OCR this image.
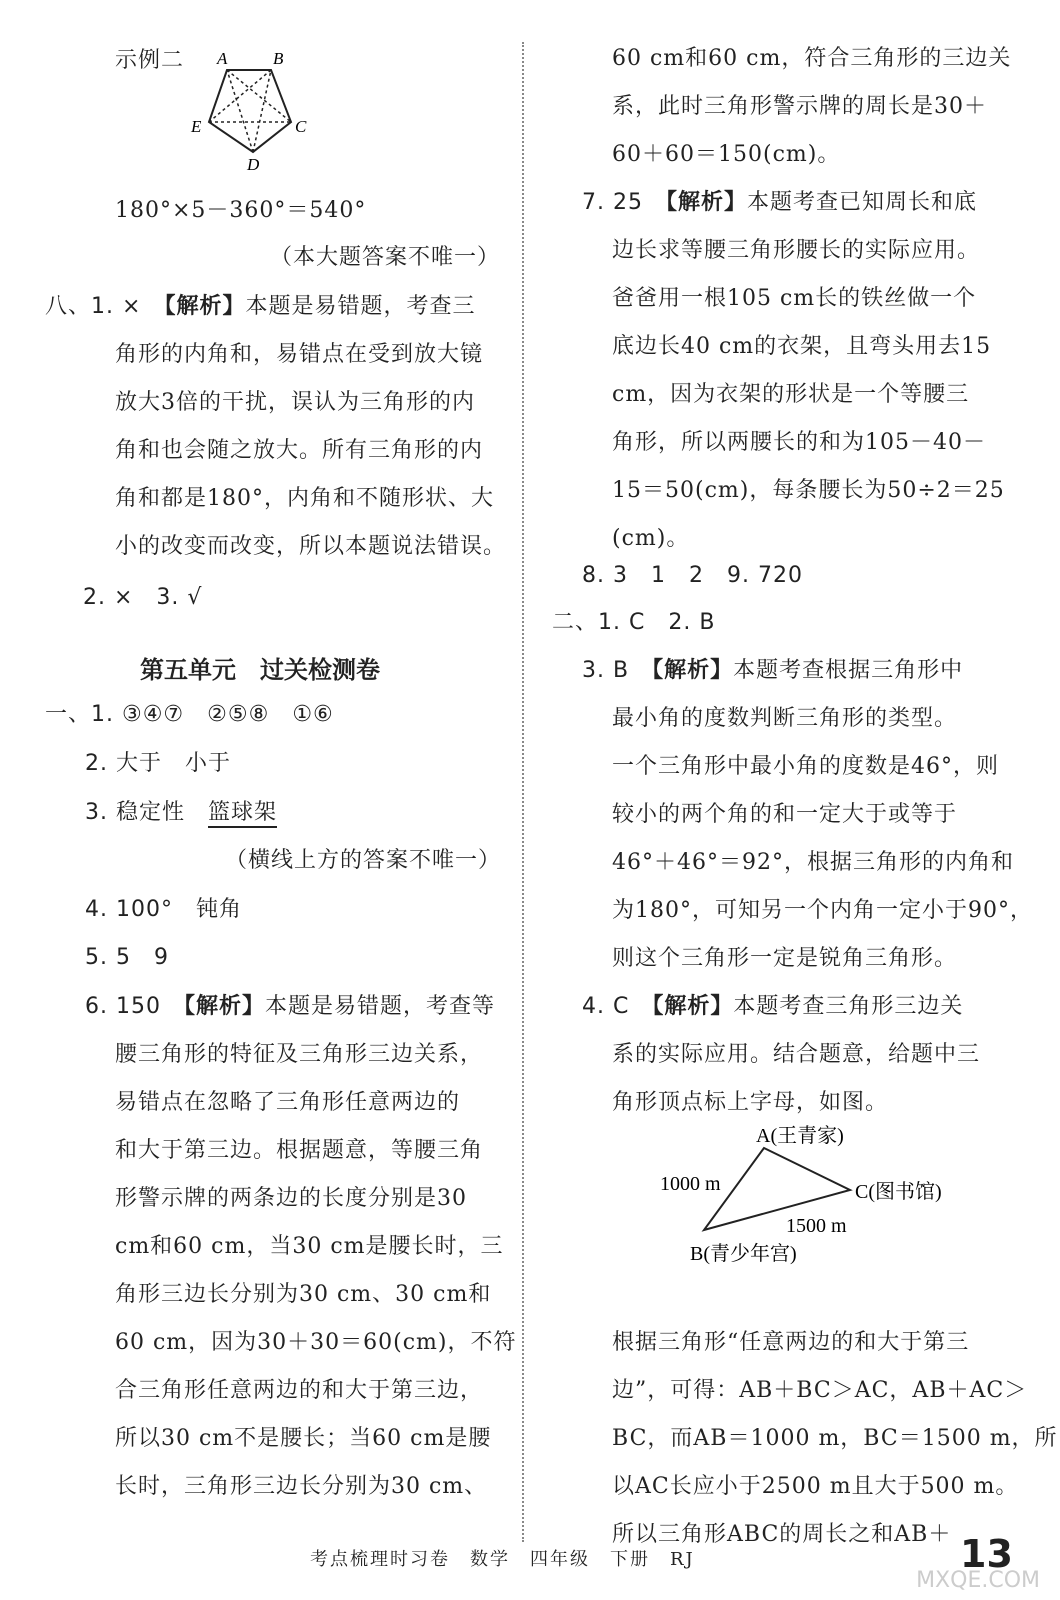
示例二 A	B
C
D
E
180°×5－360°＝540°
（本大题答案不唯一）
八、1. ×　 【解析】本题是易错题，考查三
角形的内角和，易错点在受到放大镜
放大3倍的干扰，误认为三角形的内
角和也会随之放大。所有三角形的内
角和都是180°，内角和不随形状、大
小的改变而改变，所以本题说法错误。
2. ×　3. √
第五单元　过关检测卷
一、1. ③④⑦　②⑤⑧　①⑥
2. 大于　小于
3. 稳定性　 篮球架
（横线上方的答案不唯一）
4. 100°　钝角
5. 5　9
6. 150　 【解析】本题是易错题，考查等
腰三角形的特征及三角形三边关系，
易错点在忽略了三角形任意两边的
和大于第三边。根据题意，等腰三角
形警示牌的两条边的长度分别是30
cm和60 cm，当30 cm是腰长时，三
角形三边长分别为30 cm、30 cm和
60 cm，因为30＋30＝60(cm)，不符
合三角形任意两边的和大于第三边，
所以30 cm不是腰长；当60 cm是腰
长时，三角形三边长分别为30 cm、
60 cm和60 cm，符合三角形的三边关
系，此时三角形警示牌的周长是30＋
60＋60＝150(cm)。
7. 25　 【解析】本题考查已知周长和底
边长求等腰三角形腰长的实际应用。
爸爸用一根105 cm长的铁丝做一个
底边长40 cm的衣架，且弯头用去15
cm，因为衣架的形状是一个等腰三
角形，所以两腰长的和为105－40－
15＝50(cm)，每条腰长为50÷2＝25
(cm)。
8. 3　1　2　9. 720
二、1. C　2. B
3. B　 【解析】本题考查根据三角形中
最小角的度数判断三角形的类型。
一个三角形中最小角的度数是46°，则
较小的两个角的和一定大于或等于
46°＋46°＝92°，根据三角形的内角和
为180°，可知另一个内角一定小于90°，
则这个三角形一定是锐角三角形。
4. C　 【解析】本题考查三角形三边关
系的实际应用。结合题意，给题中三
角形顶点标上字母，如图。
A(王青家)
1000 m	C(图书馆)
1500 m
B(青少年宫)
根据三角形“任意两边的和大于第三
边”，可得：AB＋BC＞AC，AB＋AC＞
BC，而AB＝1000 m，BC＝1500 m，所
以AC长应小于2500 m且大于500 m。
所以三角形ABC的周长之和AB＋
考点梳理时习卷　数学　四年级　下册　RJ	13
MXQE.COM
